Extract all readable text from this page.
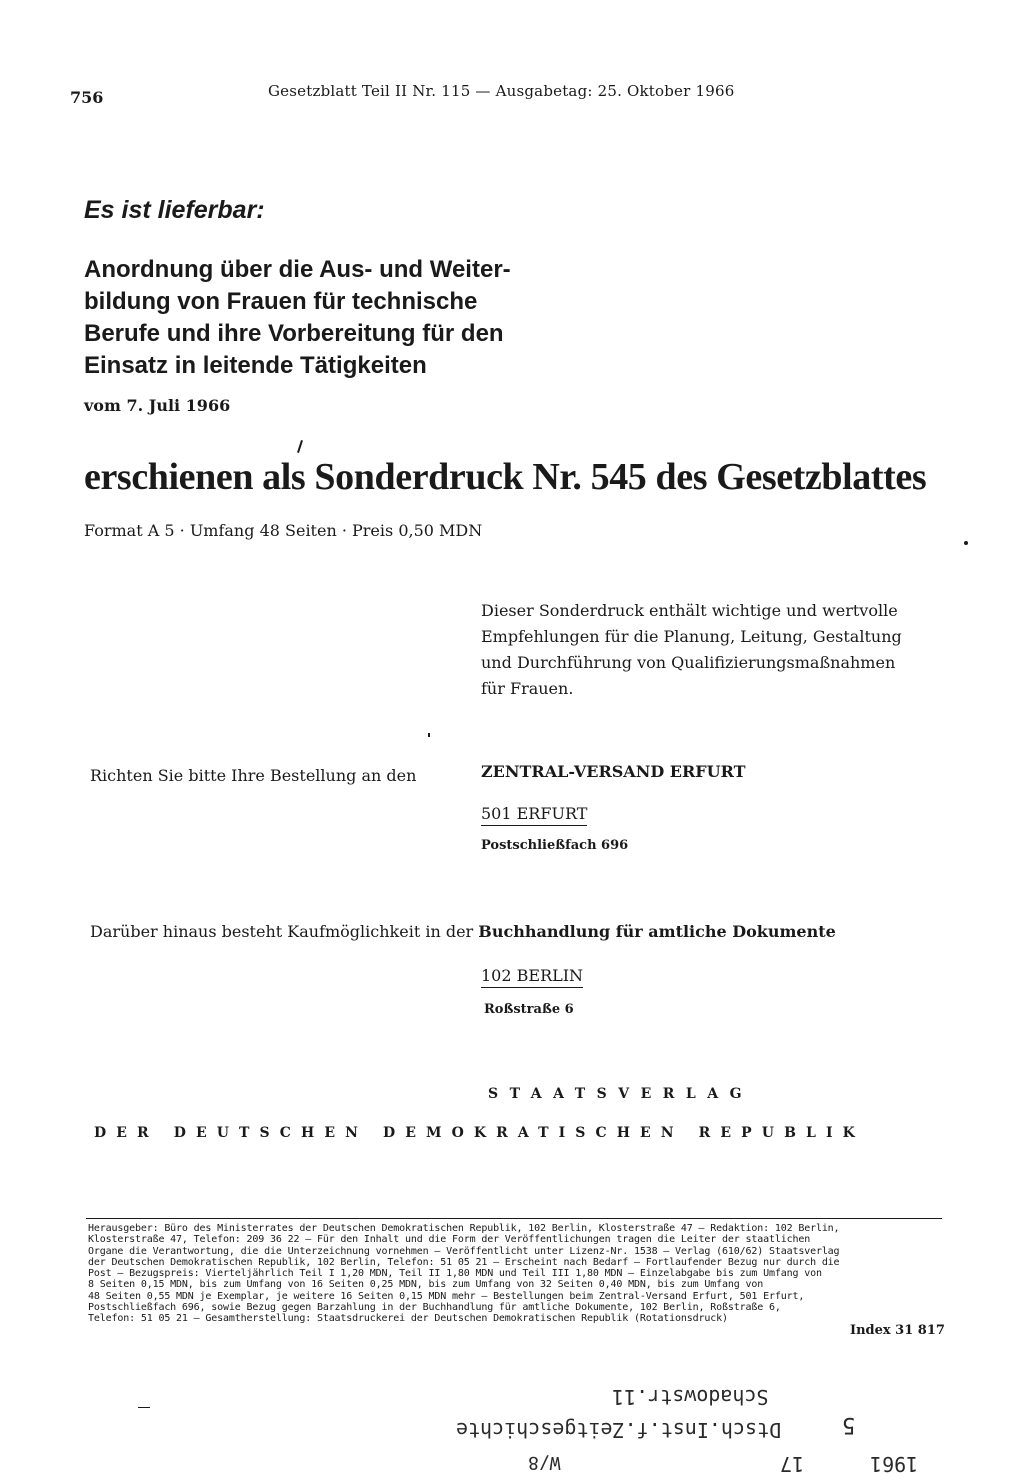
756	Gesetzblatt Teil II Nr. 115 — Ausgabetag: 25. Oktober 1966
Es ist lieferbar:
Anordnung über die Aus- und Weiter-
bildung von Frauen für technische
Berufe und ihre Vorbereitung für den
Einsatz in leitende Tätigkeiten
vom 7. Juli 1966
erschienen als Sonderdruck Nr. 545 des Gesetzblattes
Format A 5 · Umfang 48 Seiten · Preis 0,50 MDN
Dieser Sonderdruck enthält wichtige und wertvolle
Empfehlungen für die Planung, Leitung, Gestaltung
und Durchführung von Qualifizierungsmaßnahmen
für Frauen.
Richten Sie bitte Ihre Bestellung an den	ZENTRAL-VERSAND ERFURT
501 ERFURT
Postschließfach 696
Darüber hinaus besteht Kaufmöglichkeit in der Buchhandlung für amtliche Dokumente
102 BERLIN
Roßstraße 6
STAATSVERLAG
DER DEUTSCHEN DEMOKRATISCHEN REPUBLIK
Herausgeber: Büro des Ministerrates der Deutschen Demokratischen Republik, 102 Berlin, Klosterstraße 47 – Redaktion: 102 Berlin,
Klosterstraße 47, Telefon: 209 36 22 – Für den Inhalt und die Form der Veröffentlichungen tragen die Leiter der staatlichen
Organe die Verantwortung, die die Unterzeichnung vornehmen – Veröffentlicht unter Lizenz-Nr. 1538 – Verlag (610/62) Staatsverlag
der Deutschen Demokratischen Republik, 102 Berlin, Telefon: 51 05 21 – Erscheint nach Bedarf – Fortlaufender Bezug nur durch die
Post – Bezugspreis: Vierteljährlich Teil I 1,20 MDN, Teil II 1,80 MDN und Teil III 1,80 MDN – Einzelabgabe bis zum Umfang von
8 Seiten 0,15 MDN, bis zum Umfang von 16 Seiten 0,25 MDN, bis zum Umfang von 32 Seiten 0,40 MDN, bis zum Umfang von
48 Seiten 0,55 MDN je Exemplar, je weitere 16 Seiten 0,15 MDN mehr – Bestellungen beim Zentral-Versand Erfurt, 501 Erfurt,
Postschließfach 696, sowie Bezug gegen Barzahlung in der Buchhandlung für amtliche Dokumente, 102 Berlin, Roßstraße 6,
Telefon: 51 05 21 – Gesamtherstellung: Staatsdruckerei der Deutschen Demokratischen Republik (Rotationsdruck)
Index 31 817
Schadowstr.11
Dtsch.Inst.f.Zeitgeschichte
W/8
5
17	1961
